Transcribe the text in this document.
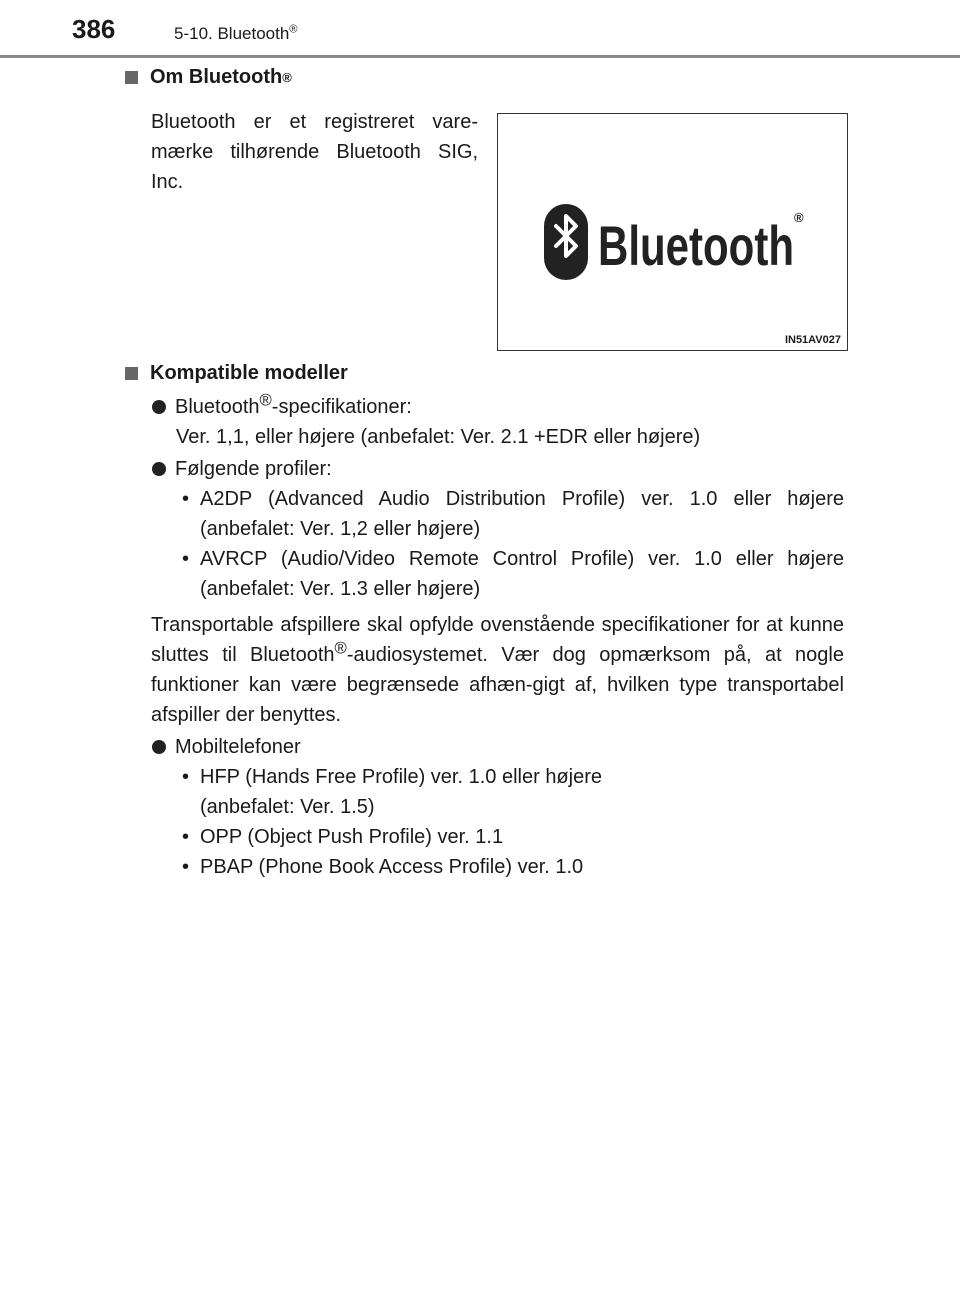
386	5-10. Bluetooth®
Om Bluetooth ®
Bluetooth er et registreret vare-mærke tilhørende Bluetooth SIG, Inc.
Bluetooth ®
IN51AV027
Kompatible modeller
Bluetooth®-specifikationer:
Ver. 1,1, eller højere (anbefalet: Ver. 2.1 +EDR eller højere)
Følgende profiler:
• A2DP (Advanced Audio Distribution Profile) ver. 1.0 eller højere (anbefalet: Ver. 1,2 eller højere)
• AVRCP (Audio/Video Remote Control Profile) ver. 1.0 eller højere (anbefalet: Ver. 1.3 eller højere)
Transportable afspillere skal opfylde ovenstående specifikationer for at kunne sluttes til Bluetooth®-audiosystemet. Vær dog opmærksom på, at nogle funktioner kan være begrænsede afhæn-gigt af, hvilken type transportabel afspiller der benyttes.
Mobiltelefoner
• HFP (Hands Free Profile) ver. 1.0 eller højere
(anbefalet: Ver. 1.5)
• OPP (Object Push Profile) ver. 1.1
• PBAP (Phone Book Access Profile) ver. 1.0
